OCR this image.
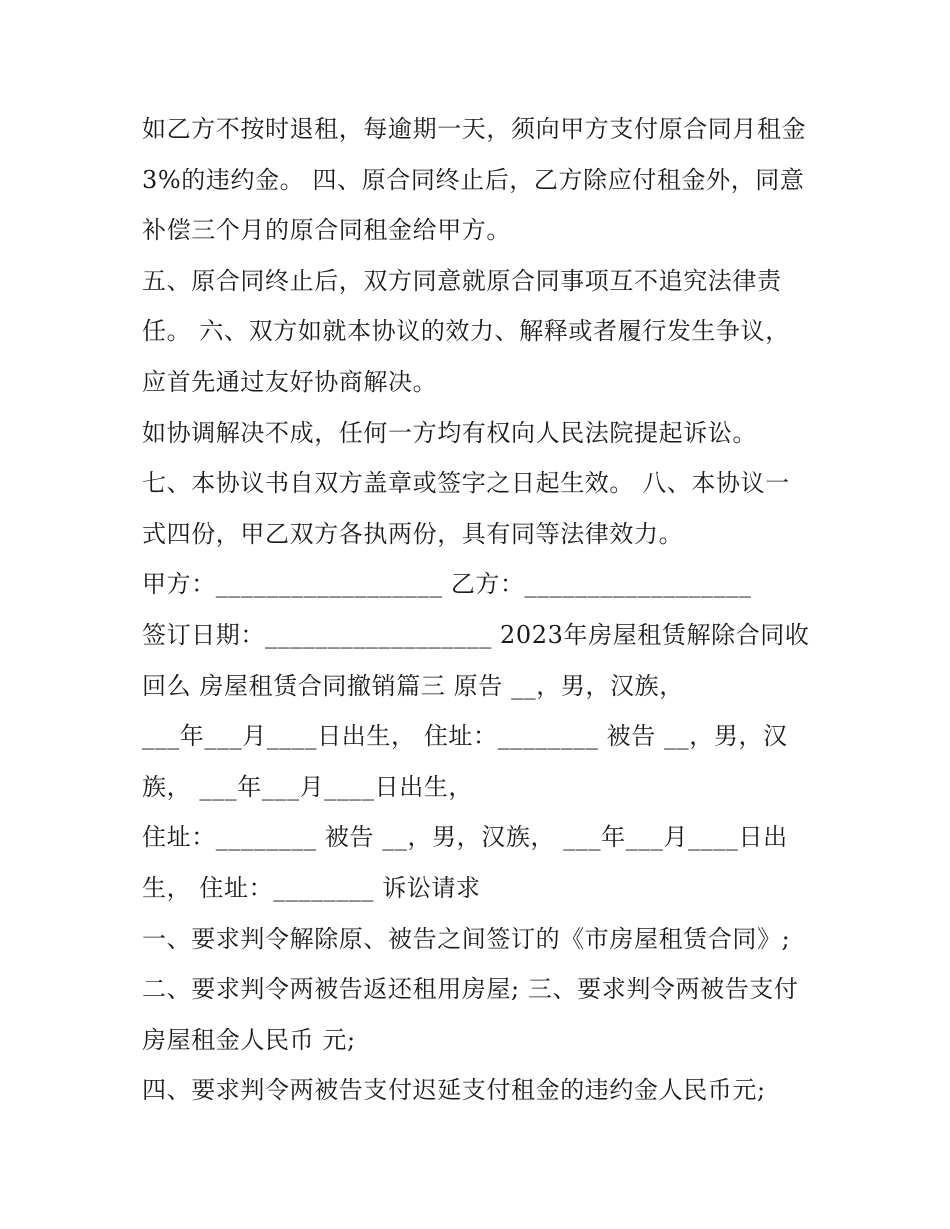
如乙方不按时退租，每逾期一天，须向甲方支付原合同月租金
3%的违约金。 四、原合同终止后，乙方除应付租金外，同意
补偿三个月的原合同租金给甲方。
五、原合同终止后，双方同意就原合同事项互不追究法律责
任。 六、双方如就本协议的效力、解释或者履行发生争议，
应首先通过友好协商解决。
如协调解决不成，任何一方均有权向人民法院提起诉讼。
七、本协议书自双方盖章或签字之日起生效。 八、本协议一
式四份，甲乙双方各执两份，具有同等法律效力。
甲方：__________________ 乙方：__________________
签订日期：__________________ 2023年房屋租赁解除合同收
回么 房屋租赁合同撤销篇三 原告 __，男，汉族，
___年___月____日出生， 住址：________ 被告 __，男，汉
族， ___年___月____日出生，
住址：________ 被告 __，男，汉族， ___年___月____日出
生， 住址：________ 诉讼请求
一、要求判令解除原、被告之间签订的《市房屋租赁合同》;
二、要求判令两被告返还租用房屋; 三、要求判令两被告支付
房屋租金人民币 元;
四、要求判令两被告支付迟延支付租金的违约金人民币元;
